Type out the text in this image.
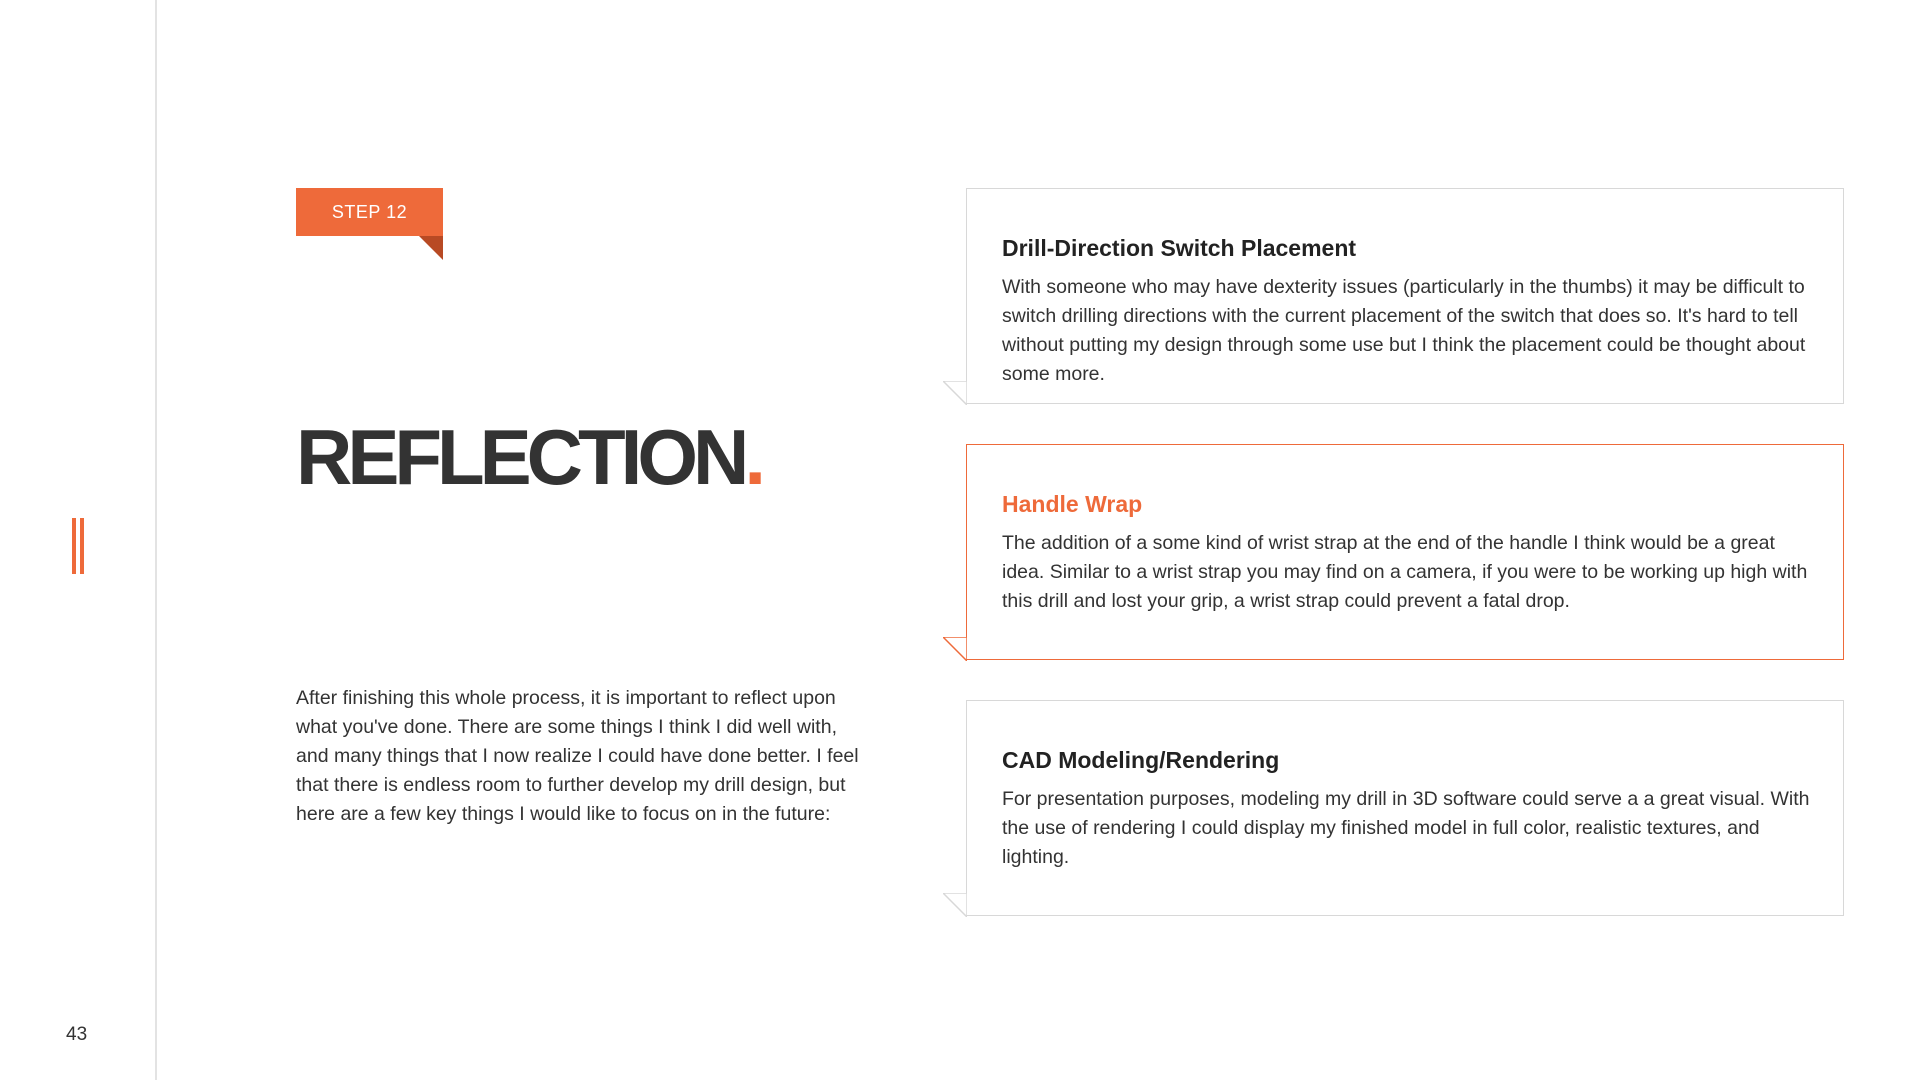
43
STEP 12
REFLECTION.

After finishing this whole process, it is important to reflect upon what you've done. There are some things I think I did well with, and many things that I now realize I could have done better. I feel that there is endless room to further develop my drill design, but here are a few key things I would like to focus on in the future:

Drill-Direction Switch Placement

With someone who may have dexterity issues (particularly in the thumbs) it may be difficult to switch drilling directions with the current placement of the switch that does so. It's hard to tell without putting my design through some use but I think the placement could be thought about some more.

Handle Wrap

The addition of a some kind of wrist strap at the end of the handle I think would be a great idea. Similar to a wrist strap you may find on a camera, if you were to be working up high with this drill and lost your grip, a wrist strap could prevent a fatal drop.

CAD Modeling/Rendering

For presentation purposes, modeling my drill in 3D software could serve a a great visual. With the use of rendering I could display my finished model in full color, realistic textures, and lighting.
